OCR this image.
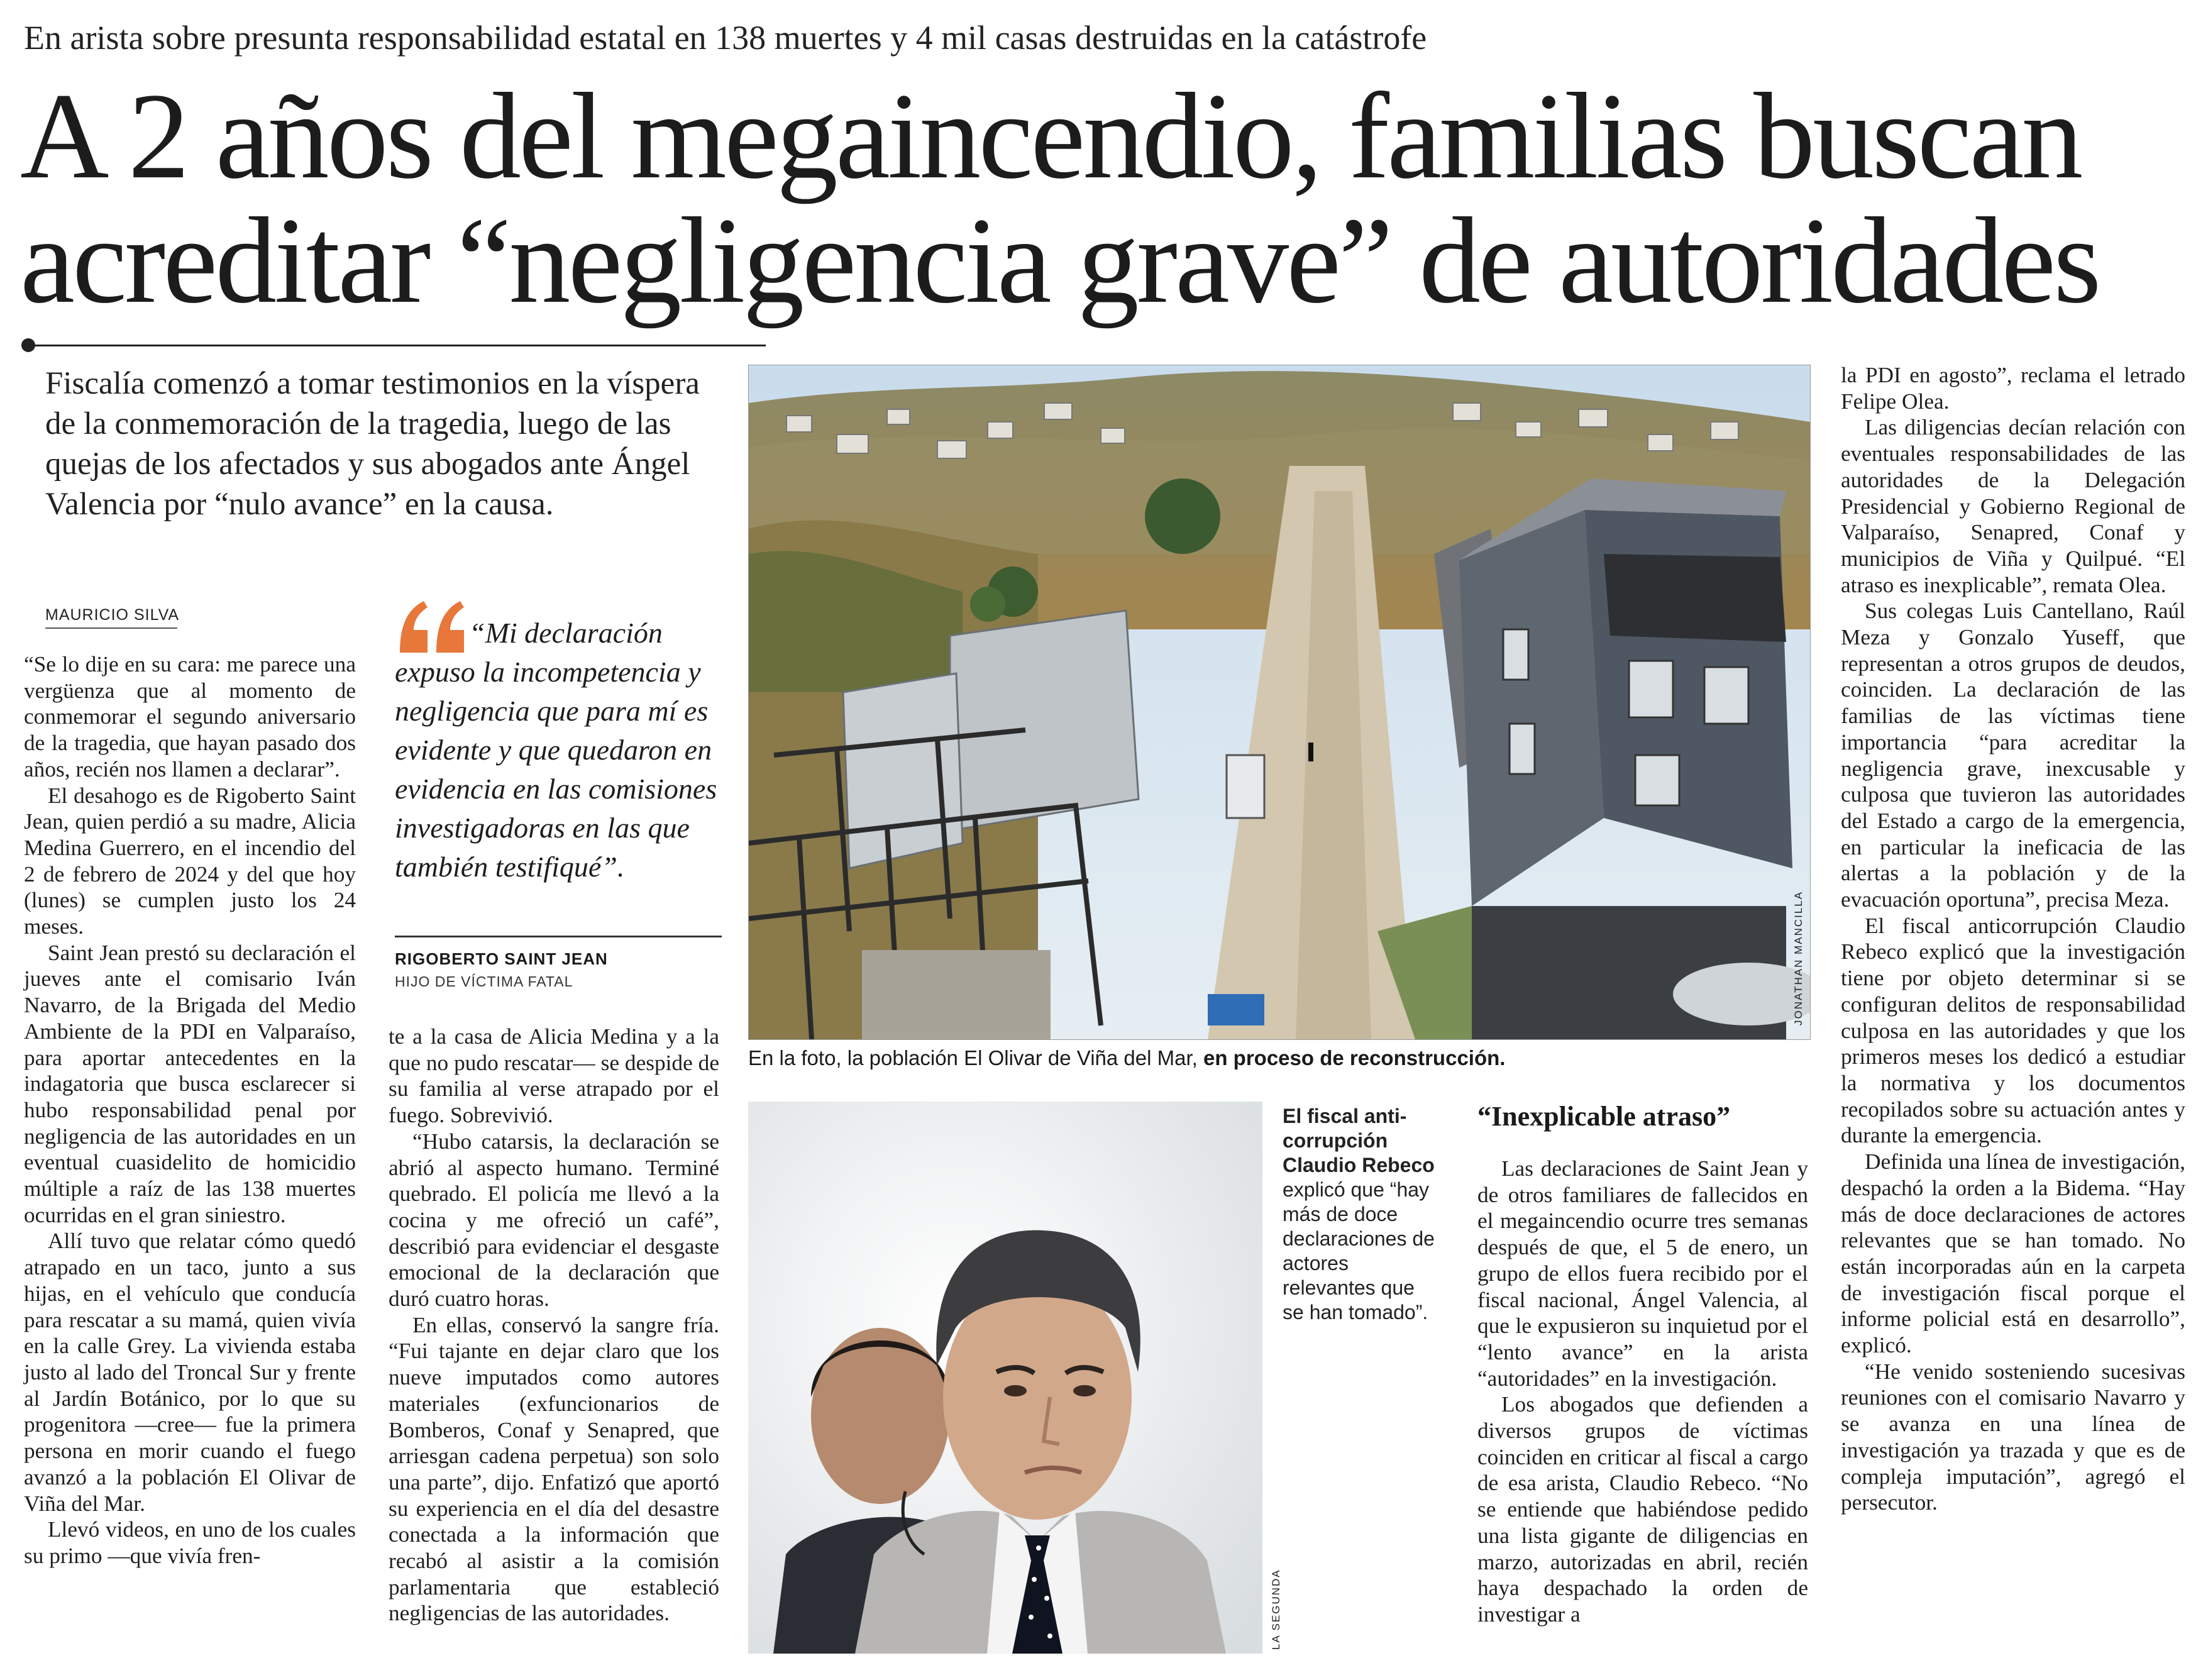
En arista sobre presunta responsabilidad estatal en 138 muertes y 4 mil casas destruidas en la catástrofe
A 2 años del megaincendio, familias buscan
acreditar “negligencia grave” de autoridades
Fiscalía comenzó a tomar testimonios en la víspera de la conmemoración de la tragedia, luego de las quejas de los afectados y sus abogados ante Ángel Valencia por “nulo avance” en la causa.
MAURICIO SILVA

“Se lo dije en su cara: me parece una vergüenza que al momento de conmemorar el segundo aniversario de la tragedia, que hayan pasado dos años, recién nos llamen a declarar”.

El desahogo es de Rigoberto Saint Jean, quien perdió a su madre, Alicia Medina Guerrero, en el incendio del 2 de febrero de 2024 y del que hoy (lunes) se cumplen justo los 24 meses.

Saint Jean prestó su declaración el jueves ante el comisario Iván Navarro, de la Brigada del Medio Ambiente de la PDI en Valparaíso, para aportar antecedentes en la indagatoria que busca esclarecer si hubo responsabilidad penal por negligencia de las autoridades en un eventual cuasidelito de homicidio múltiple a raíz de las 138 muertes ocurridas en el gran siniestro.

Allí tuvo que relatar cómo quedó atrapado en un taco, junto a sus hijas, en el vehículo que conducía para rescatar a su mamá, quien vivía en la calle Grey. La vivienda estaba justo al lado del Troncal Sur y frente al Jardín Botánico, por lo que su progenitora —cree— fue la primera persona en morir cuando el fuego avanzó a la población El Olivar de Viña del Mar.

Llevó videos, en uno de los cuales su primo —que vivía fren-

“Mi declaración expuso la incompetencia y negligencia que para mí es evidente y que quedaron en evidencia en las comisiones investigadoras en las que también testifiqué”.
RIGOBERTO SAINT JEAN
HIJO DE VÍCTIMA FATAL

te a la casa de Alicia Medina y a la que no pudo rescatar— se despide de su familia al verse atrapado por el fuego. Sobrevivió.

“Hubo catarsis, la declaración se abrió al aspecto humano. Terminé quebrado. El policía me llevó a la cocina y me ofreció un café”, describió para evidenciar el desgaste emocional de la declaración que duró cuatro horas.

En ellas, conservó la sangre fría. “Fui tajante en dejar claro que los nueve imputados como autores materiales (exfuncionarios de Bomberos, Conaf y Senapred, que arriesgan cadena perpetua) son solo una parte”, dijo. Enfatizó que aportó su experiencia en el día del desastre conectada a la información que recabó al asistir a la comisión parlamentaria que estableció negligencias de las autoridades.

JONATHAN MANCILLA
En la foto, la población El Olivar de Viña del Mar, en proceso de reconstrucción.
LA SEGUNDA
El fiscal anti-corrupción Claudio Rebeco explicó que “hay más de doce declaraciones de actores relevantes que se han tomado”.
“Inexplicable atraso”

Las declaraciones de Saint Jean y de otros familiares de fallecidos en el megaincendio ocurre tres semanas después de que, el 5 de enero, un grupo de ellos fuera recibido por el fiscal nacional, Ángel Valencia, al que le expusieron su inquietud por el “lento avance” en la arista “autoridades” en la investigación.

Los abogados que defienden a diversos grupos de víctimas coinciden en criticar al fiscal a cargo de esa arista, Claudio Rebeco. “No se entiende que habiéndose pedido una lista gigante de diligencias en marzo, autorizadas en abril, recién haya despachado la orden de investigar a

la PDI en agosto”, reclama el letrado Felipe Olea.

Las diligencias decían relación con eventuales responsabilidades de las autoridades de la Delegación Presidencial y Gobierno Regional de Valparaíso, Senapred, Conaf y municipios de Viña y Quilpué. “El atraso es inexplicable”, remata Olea.

Sus colegas Luis Cantellano, Raúl Meza y Gonzalo Yuseff, que representan a otros grupos de deudos, coinciden. La declaración de las familias de las víctimas tiene importancia “para acreditar la negligencia grave, inexcusable y culposa que tuvieron las autoridades del Estado a cargo de la emergencia, en particular la ineficacia de las alertas a la población y de la evacuación oportuna”, precisa Meza.

El fiscal anticorrupción Claudio Rebeco explicó que la investigación tiene por objeto determinar si se configuran delitos de responsabilidad culposa en las autoridades y que los primeros meses los dedicó a estudiar la normativa y los documentos recopilados sobre su actuación antes y durante la emergencia.

Definida una línea de investigación, despachó la orden a la Bidema. “Hay más de doce declaraciones de actores relevantes que se han tomado. No están incorporadas aún en la carpeta de investigación fiscal porque el informe policial está en desarrollo”, explicó.

“He venido sosteniendo sucesivas reuniones con el comisario Navarro y se avanza en una línea de investigación ya trazada y que es de compleja imputación”, agregó el persecutor.
